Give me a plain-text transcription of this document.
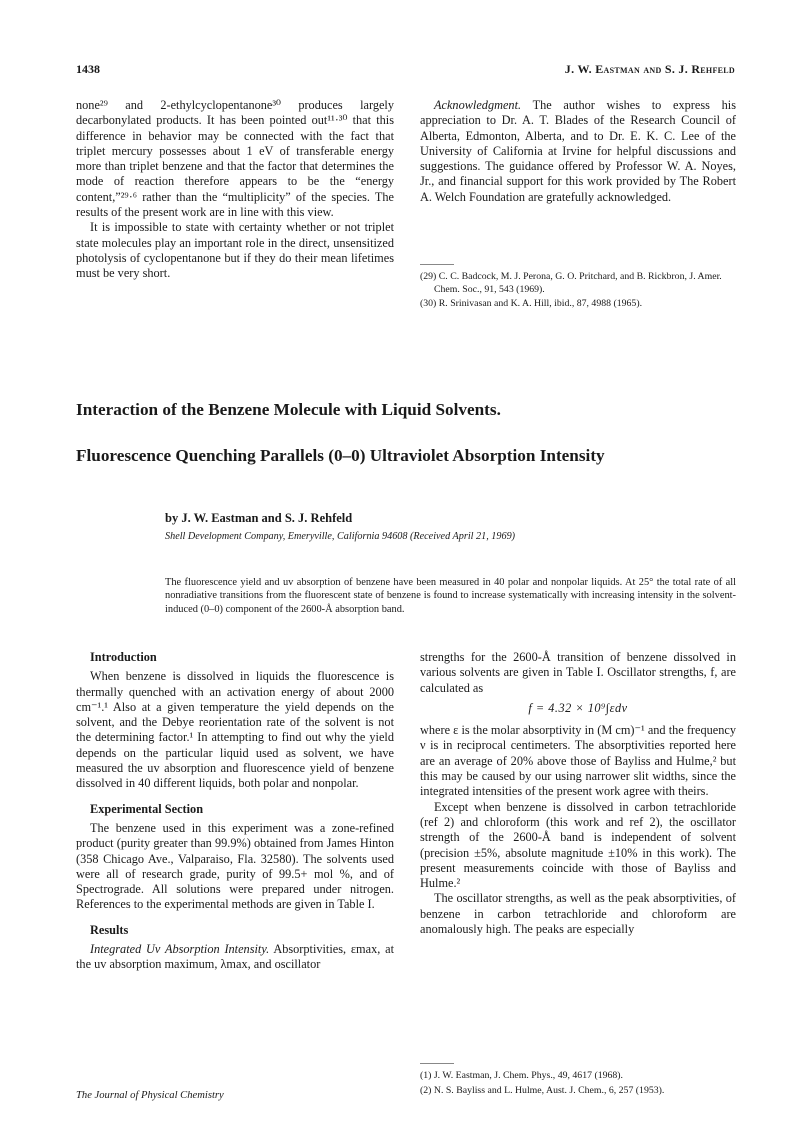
1438	J. W. Eastman and S. J. Rehfeld

none²⁹ and 2-ethylcyclopentanone³⁰ produces largely decarbonylated products. It has been pointed out¹¹·³⁰ that this difference in behavior may be connected with the fact that triplet mercury possesses about 1 eV of transferable energy more than triplet benzene and that the factor that determines the mode of reaction therefore appears to be the “energy content,”²⁹·⁶ rather than the “multiplicity” of the species. The results of the present work are in line with this view.

It is impossible to state with certainty whether or not triplet state molecules play an important role in the direct, unsensitized photolysis of cyclopentanone but if they do their mean lifetimes must be very short.

Acknowledgment. The author wishes to express his appreciation to Dr. A. T. Blades of the Research Council of Alberta, Edmonton, Alberta, and to Dr. E. K. C. Lee of the University of California at Irvine for helpful discussions and suggestions. The guidance offered by Professor W. A. Noyes, Jr., and financial support for this work provided by The Robert A. Welch Foundation are gratefully acknowledged.

(29) C. C. Badcock, M. J. Perona, G. O. Pritchard, and B. Rickbron, J. Amer. Chem. Soc., 91, 543 (1969).

(30) R. Srinivasan and K. A. Hill, ibid., 87, 4988 (1965).

Interaction of the Benzene Molecule with Liquid Solvents.
Fluorescence Quenching Parallels (0–0) Ultraviolet Absorption Intensity
by J. W. Eastman and S. J. Rehfeld
Shell Development Company, Emeryville, California 94608 (Received April 21, 1969)
The fluorescence yield and uv absorption of benzene have been measured in 40 polar and nonpolar liquids. At 25° the total rate of all nonradiative transitions from the fluorescent state of benzene is found to increase systematically with increasing intensity in the solvent-induced (0–0) component of the 2600-Å absorption band.

Introduction

When benzene is dissolved in liquids the fluorescence is thermally quenched with an activation energy of about 2000 cm⁻¹.¹ Also at a given temperature the yield depends on the solvent, and the Debye reorientation rate of the solvent is not the determining factor.¹ In attempting to find out why the yield depends on the particular liquid used as solvent, we have measured the uv absorption and fluorescence yield of benzene dissolved in 40 different liquids, both polar and nonpolar.

Experimental Section

The benzene used in this experiment was a zone-refined product (purity greater than 99.9%) obtained from James Hinton (358 Chicago Ave., Valparaiso, Fla. 32580). The solvents used were all of research grade, purity of 99.5+ mol %, and of Spectrograde. All solutions were prepared under nitrogen. References to the experimental methods are given in Table I.

Results

Integrated Uv Absorption Intensity. Absorptivities, εmax, at the uv absorption maximum, λmax, and oscillator

strengths for the 2600-Å transition of benzene dissolved in various solvents are given in Table I. Oscillator strengths, f, are calculated as

f = 4.32 × 10⁹∫εdν

where ε is the molar absorptivity in (M cm)⁻¹ and the frequency ν is in reciprocal centimeters. The absorptivities reported here are an average of 20% above those of Bayliss and Hulme,² but this may be caused by our using narrower slit widths, since the integrated intensities of the present work agree with theirs.

Except when benzene is dissolved in carbon tetrachloride (ref 2) and chloroform (this work and ref 2), the oscillator strength of the 2600-Å band is independent of solvent (precision ±5%, absolute magnitude ±10% in this work). The present measurements coincide with those of Bayliss and Hulme.²

The oscillator strengths, as well as the peak absorptivities, of benzene in carbon tetrachloride and chloroform are anomalously high. The peaks are especially

(1) J. W. Eastman, J. Chem. Phys., 49, 4617 (1968).

(2) N. S. Bayliss and L. Hulme, Aust. J. Chem., 6, 257 (1953).

The Journal of Physical Chemistry
